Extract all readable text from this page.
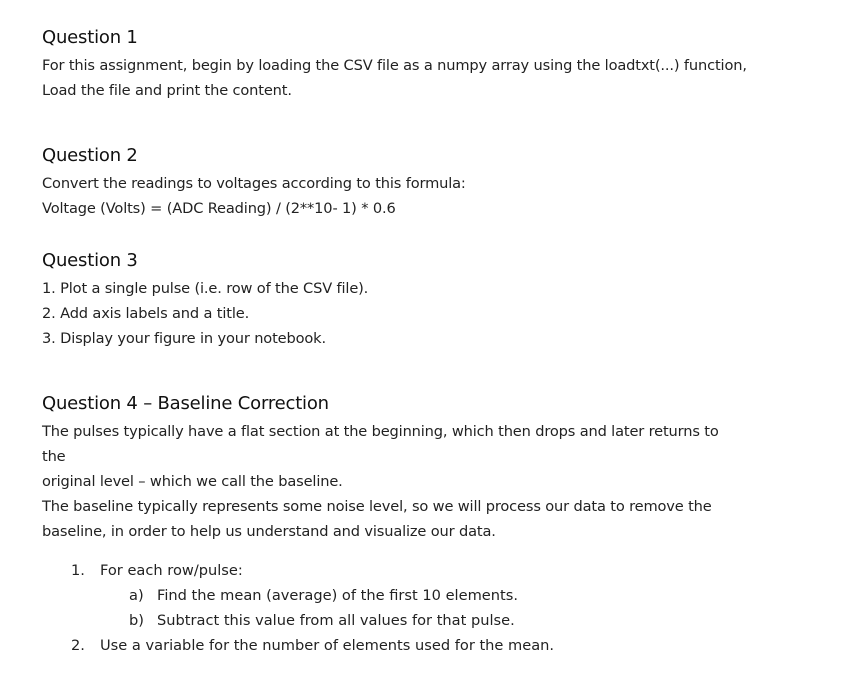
Question 1
For this assignment, begin by loading the CSV file as a numpy array using the loadtxt(...) function,
Load the file and print the content.
Question 2
Convert the readings to voltages according to this formula:
Voltage (Volts) = (ADC Reading) / (2**10- 1) * 0.6
Question 3
1. Plot a single pulse (i.e. row of the CSV file).
2. Add axis labels and a title.
3. Display your figure in your notebook.
Question 4 – Baseline Correction
The pulses typically have a flat section at the beginning, which then drops and later returns to
the
original level – which we call the baseline.
The baseline typically represents some noise level, so we will process our data to remove the
baseline, in order to help us understand and visualize our data.
1. For each row/pulse:
a) Find the mean (average) of the first 10 elements.
b) Subtract this value from all values for that pulse.
2. Use a variable for the number of elements used for the mean.
